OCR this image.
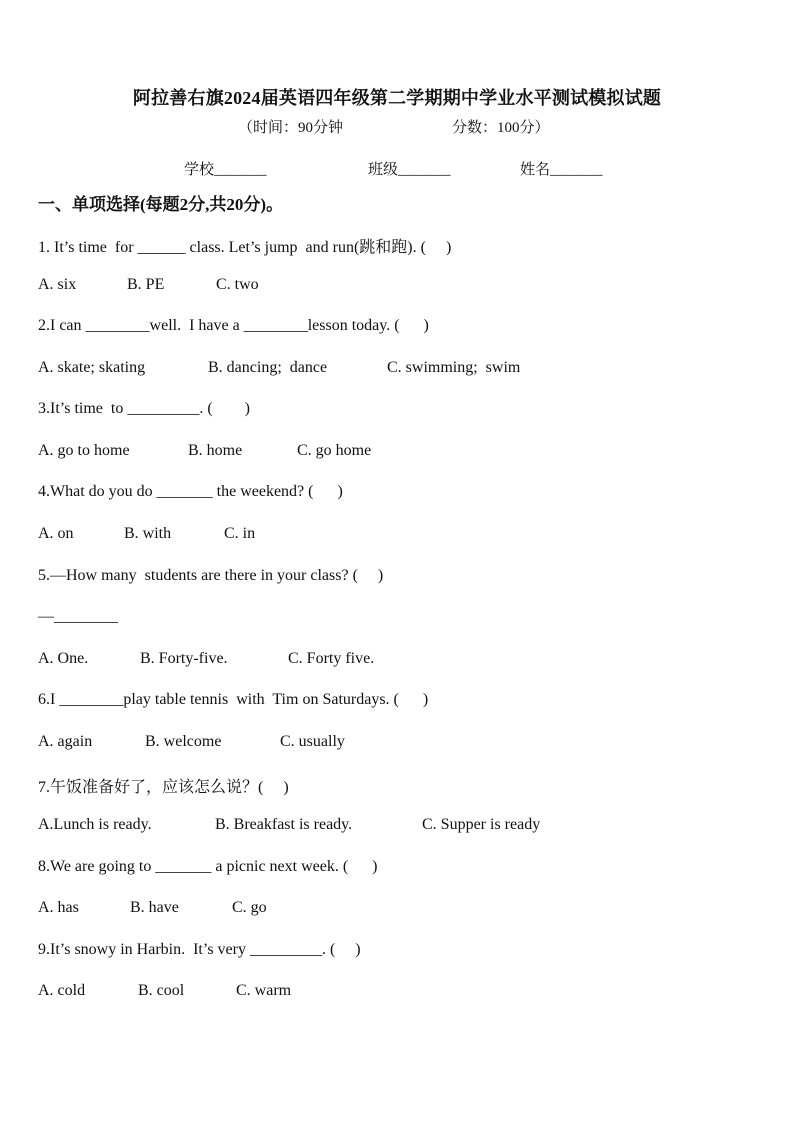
阿拉善右旗2024届英语四年级第二学期期中学业水平测试模拟试题
（时间：90分钟	分数：100分）
学校_______	班级_______	姓名_______
一、单项选择(每题2分,共20分)。
1. It’s time  for ______ class. Let’s jump  and run(跳和跑). (     )
A. six	B. PE	C. two
2.I can ________well.  I have a ________lesson today. (      )
A. skate; skating	B. dancing;  dance	C. swimming;  swim
3.It’s time  to _________. (        )
A. go to home	B. home	C. go home
4.What do you do _______ the weekend? (      )
A. on	B. with	C. in
5.—How many  students are there in your class? (     )
—________
A. One.	B. Forty-five.	C. Forty five.
6.I ________play table tennis  with  Tim on Saturdays. (      )
A. again	B. welcome	C. usually
7.午饭准备好了，应该怎么说？(     )
A.Lunch is ready.	B. Breakfast is ready.	C. Supper is ready
8.We are going to _______ a picnic next week. (      )
A. has	B. have	C. go
9.It’s snowy in Harbin.  It’s very _________. (     )
A. cold	B. cool	C. warm
